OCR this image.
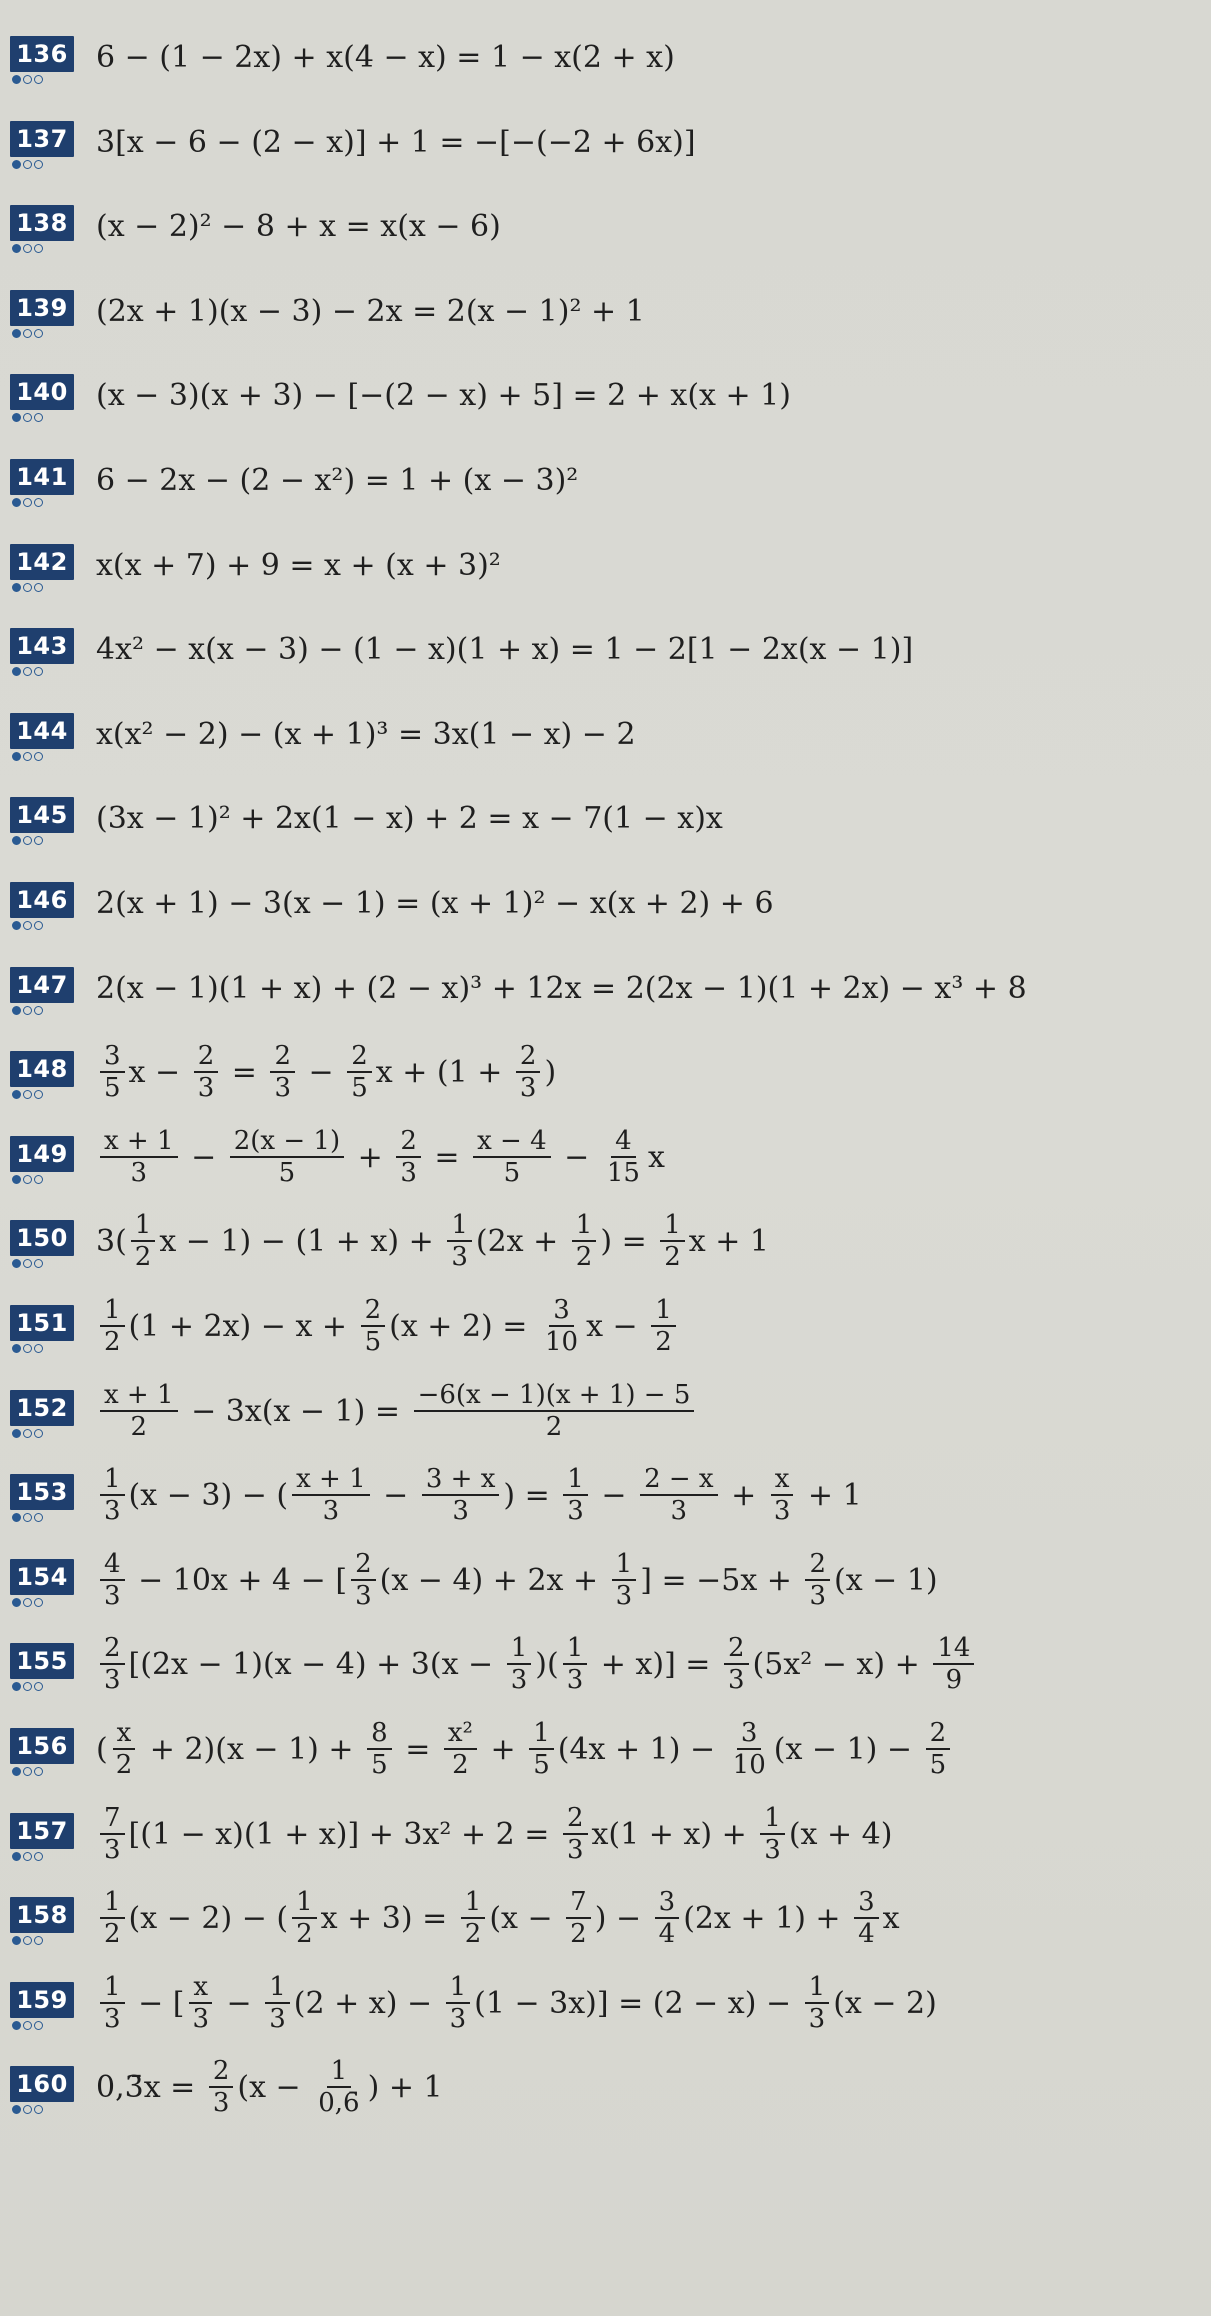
136 6 − (1 − 2x) + x(4 − x) = 1 − x(2 + x)
137 3[x − 6 − (2 − x)] + 1 = −[−(−2 + 6x)]
138 (x − 2)² − 8 + x = x(x − 6)
139 (2x + 1)(x − 3) − 2x = 2(x − 1)² + 1
140 (x − 3)(x + 3) − [−(2 − x) + 5] = 2 + x(x + 1)
141 6 − 2x − (2 − x²) = 1 + (x − 3)²
142 x(x + 7) + 9 = x + (x + 3)²
143 4x² − x(x − 3) − (1 − x)(1 + x) = 1 − 2[1 − 2x(x − 1)]
144 x(x² − 2) − (x + 1)³ = 3x(1 − x) − 2
145 (3x − 1)² + 2x(1 − x) + 2 = x − 7(1 − x)x
146 2(x + 1) − 3(x − 1) = (x + 1)² − x(x + 2) + 6
147 2(x − 1)(1 + x) + (2 − x)³ + 12x = 2(2x − 1)(1 + 2x) − x³ + 8
$148 \frac{3}{5}$ $x - \frac{2}{3} = \frac{2}{3} - \frac{2}{5}$ $x + (1 + \frac{2}{3}$ )
$149 \frac{x + 1}{3} - \frac{2(x - 1)}{5} + \frac{2}{3} = \frac{x - 4}{5} - \frac{4}{15}$ x
150 $3( \frac{1}{2}$ $x - 1) - (1 + x) + \frac{1}{3} (2x + \frac{1}{2}$ ) = $\frac{1}{2}$ x + 1
$151 \frac{1}{2} (1 + 2x) - x + \frac{2}{5} (x + 2) = \frac{3}{10}$ $x - \frac{1}{2}$
$152 \frac{x + 1}{2} - 3x(x - 1) = \frac{-6(x - 1)(x + 1) - 5}{2}$
$153 \frac{1}{3} (x - 3)$ − ( $\frac{x + 1}{3} - \frac{3 + x}{3}$ ) = $\frac{1}{3} - \frac{2 - x}{3} + \frac{x}{3} + 1$
$154 \frac{4}{3} - 10x + 4$ − [ $\frac{2}{3} (x - 4) + 2x + \frac{1}{3}$ ] = $-5x + \frac{2}{3} (x - 1)$
$155 \frac{2}{3} [(2x - 1)(x - 4) + 3(x - \frac{1}{3}$ )( $\frac{1}{3} + x)] = \frac{2}{3} (5x^2 - x) + \frac{14}{9}$
156 ( $\frac{x}{2} + 2)(x - 1) + \frac{8}{5} = \frac{\text{x²}}{2} + \frac{1}{5} (4x + 1) - \frac{3}{10} (x - 1) - \frac{2}{5}$
$157 \frac{7}{3} [(1 - x)(1 + x)] + 3x^2 + 2 = \frac{2}{3} x(1 + x) + \frac{1}{3} (x + 4)$
$158 \frac{1}{2} (x - 2)$ − ( $\frac{1}{2}$ $x + 3) = \frac{1}{2} (x - \frac{7}{2}$ ) − $\frac{3}{4} (2x + 1) + \frac{3}{4}$ x
$159 \frac{1}{3}$ − [ $\frac{x}{3} - \frac{1}{3} (2 + x) - \frac{1}{3} (1 - 3x)] = (2 - x) - \frac{1}{3} (x - 2)$
160 0,3̄x = $\frac{2}{3} (x - \frac{1}{0,6̄}$ ) + 1
